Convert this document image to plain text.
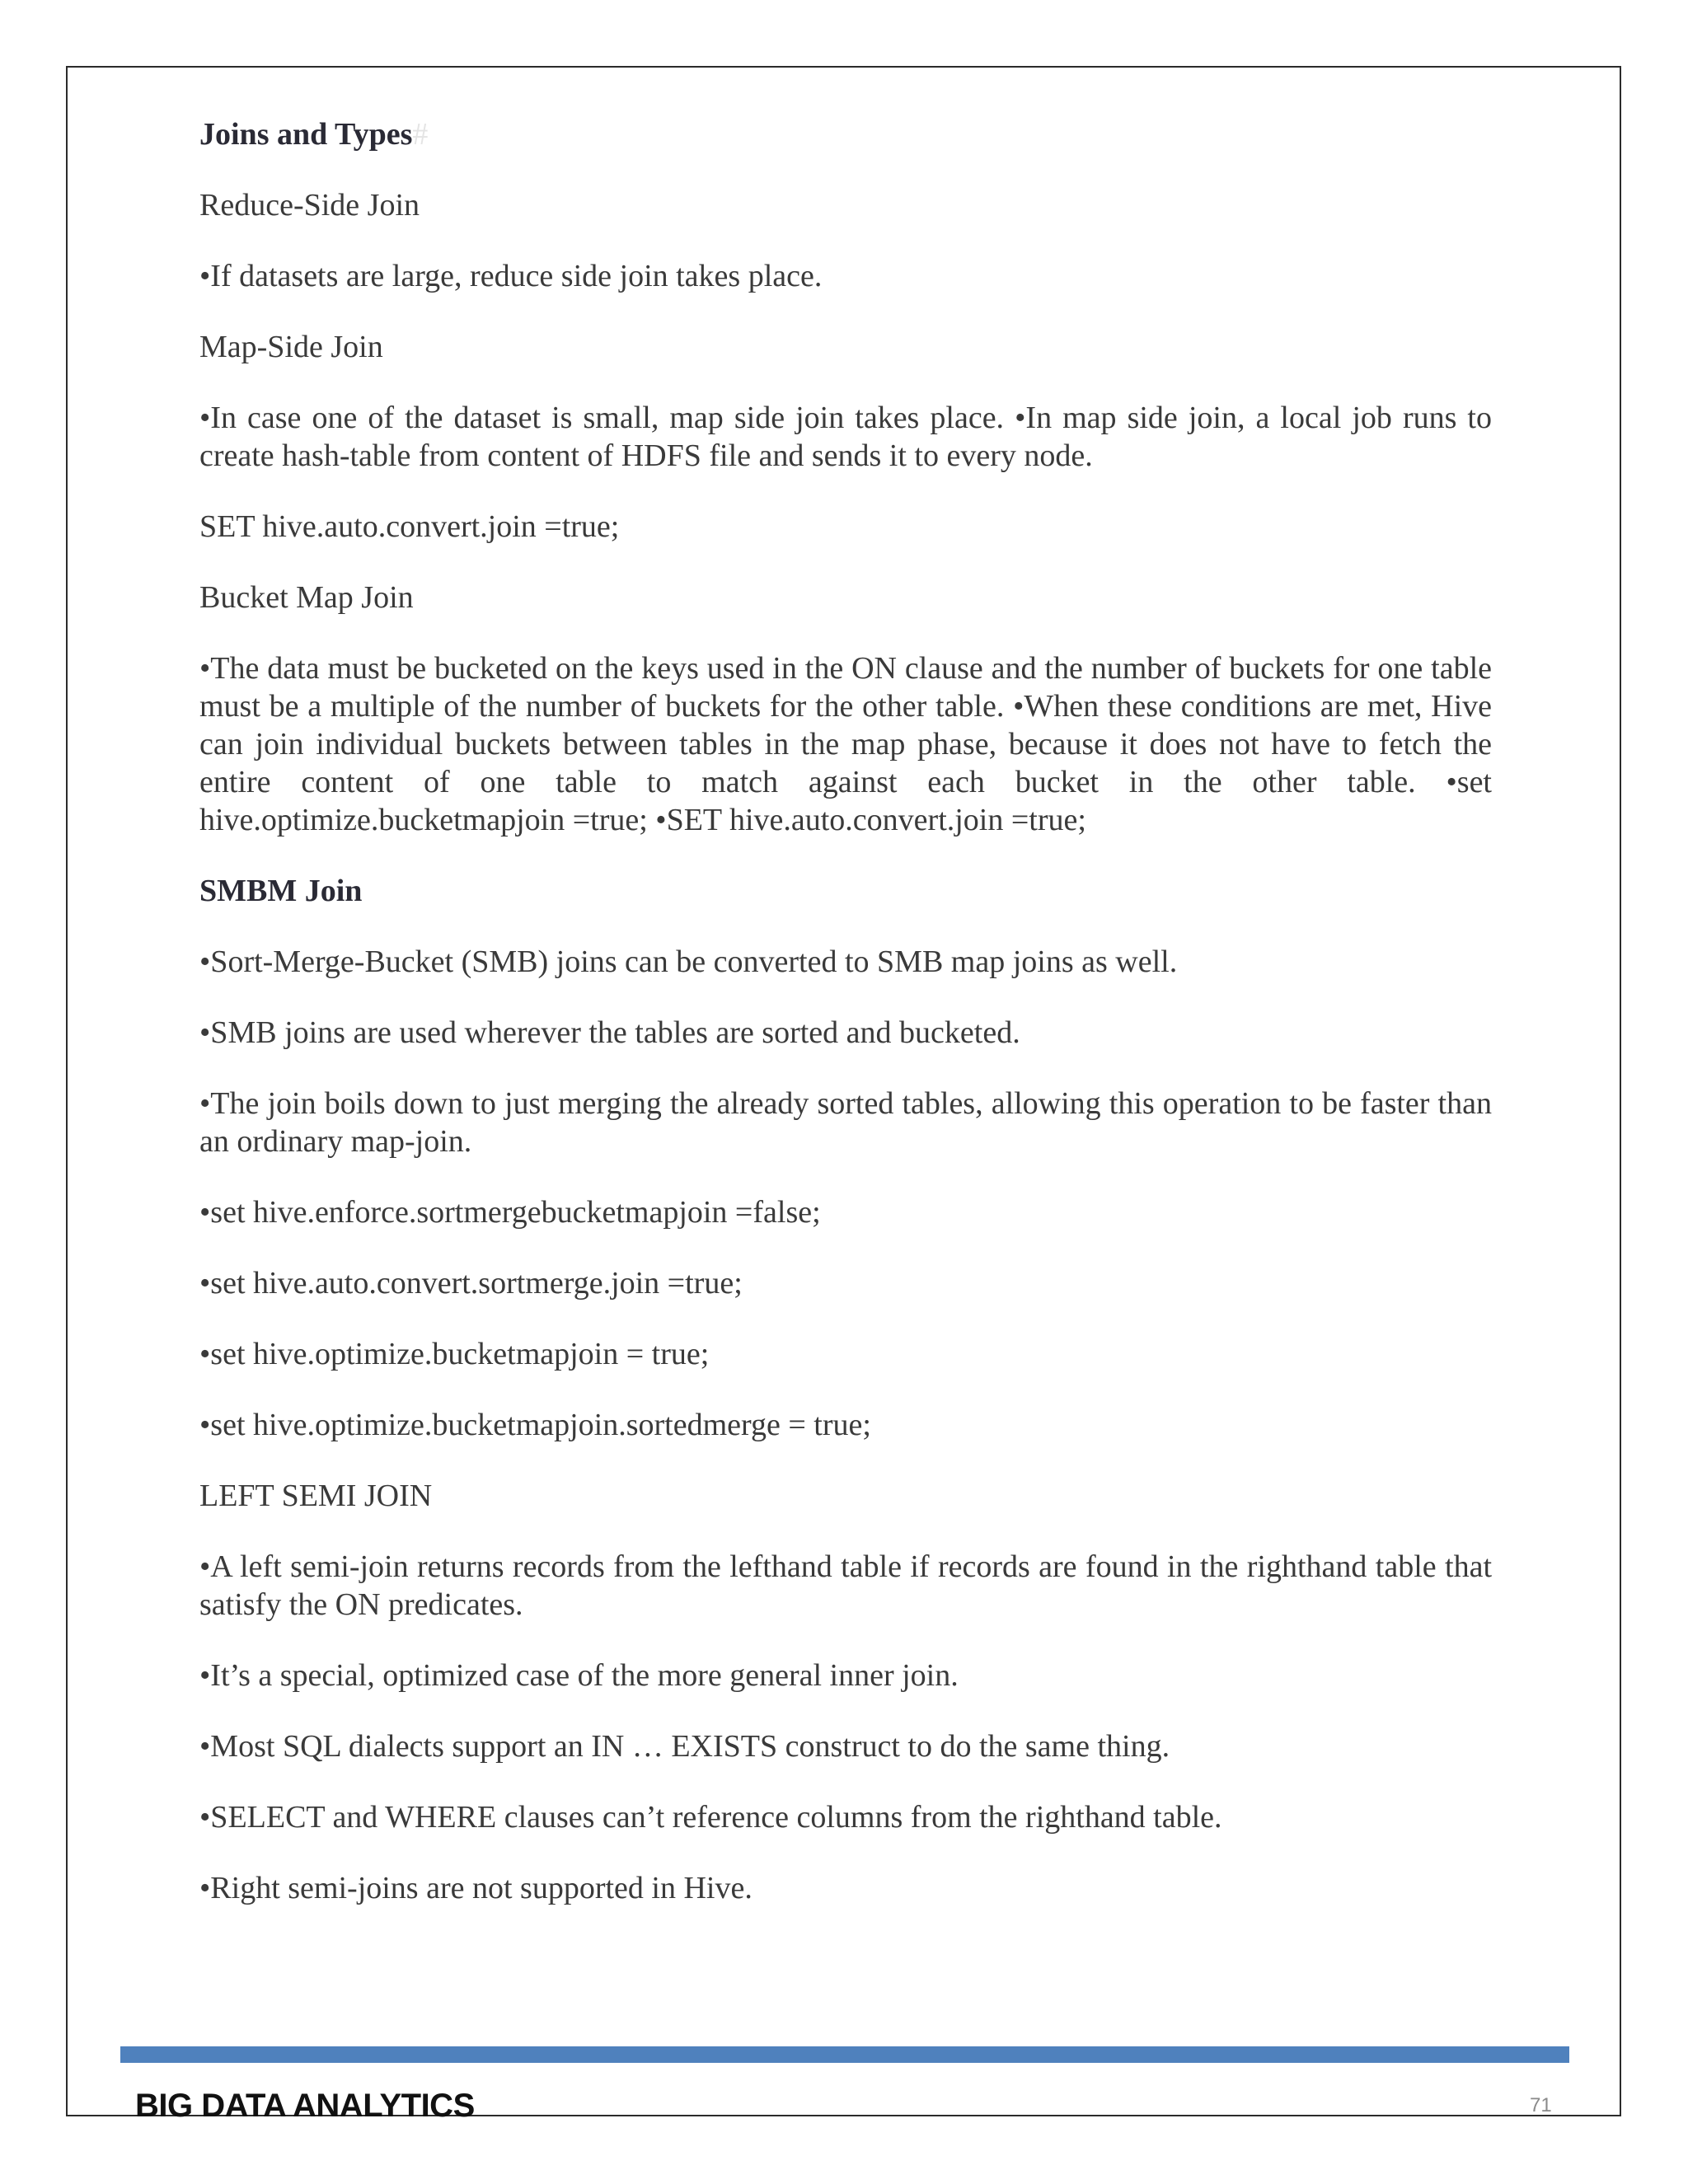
Joins and Types#

Reduce-Side Join

•If datasets are large, reduce side join takes place.

Map-Side Join

•In case one of the dataset is small, map side join takes place. •In map side join, a local job runs to create hash-table from content of HDFS file and sends it to every node.

SET hive.auto.convert.join =true;

Bucket Map Join

•The data must be bucketed on the keys used in the ON clause and the number of buckets for one table must be a multiple of the number of buckets for the other table. •When these conditions are met, Hive can join individual buckets between tables in the map phase, because it does not have to fetch the entire content of one table to match against each bucket in the other table. •set hive.optimize.bucketmapjoin =true; •SET hive.auto.convert.join =true;

SMBM Join

•Sort-Merge-Bucket (SMB) joins can be converted to SMB map joins as well.

•SMB joins are used wherever the tables are sorted and bucketed.

•The join boils down to just merging the already sorted tables, allowing this operation to be faster than an ordinary map-join.

•set hive.enforce.sortmergebucketmapjoin =false;

•set hive.auto.convert.sortmerge.join =true;

•set hive.optimize.bucketmapjoin = true;

•set hive.optimize.bucketmapjoin.sortedmerge = true;

LEFT SEMI JOIN

•A left semi-join returns records from the lefthand table if records are found in the righthand table that satisfy the ON predicates.

•It’s a special, optimized case of the more general inner join.

•Most SQL dialects support an IN … EXISTS construct to do the same thing.

•SELECT and WHERE clauses can’t reference columns from the righthand table.

•Right semi-joins are not supported in Hive.

BIG DATA ANALYTICS	71
